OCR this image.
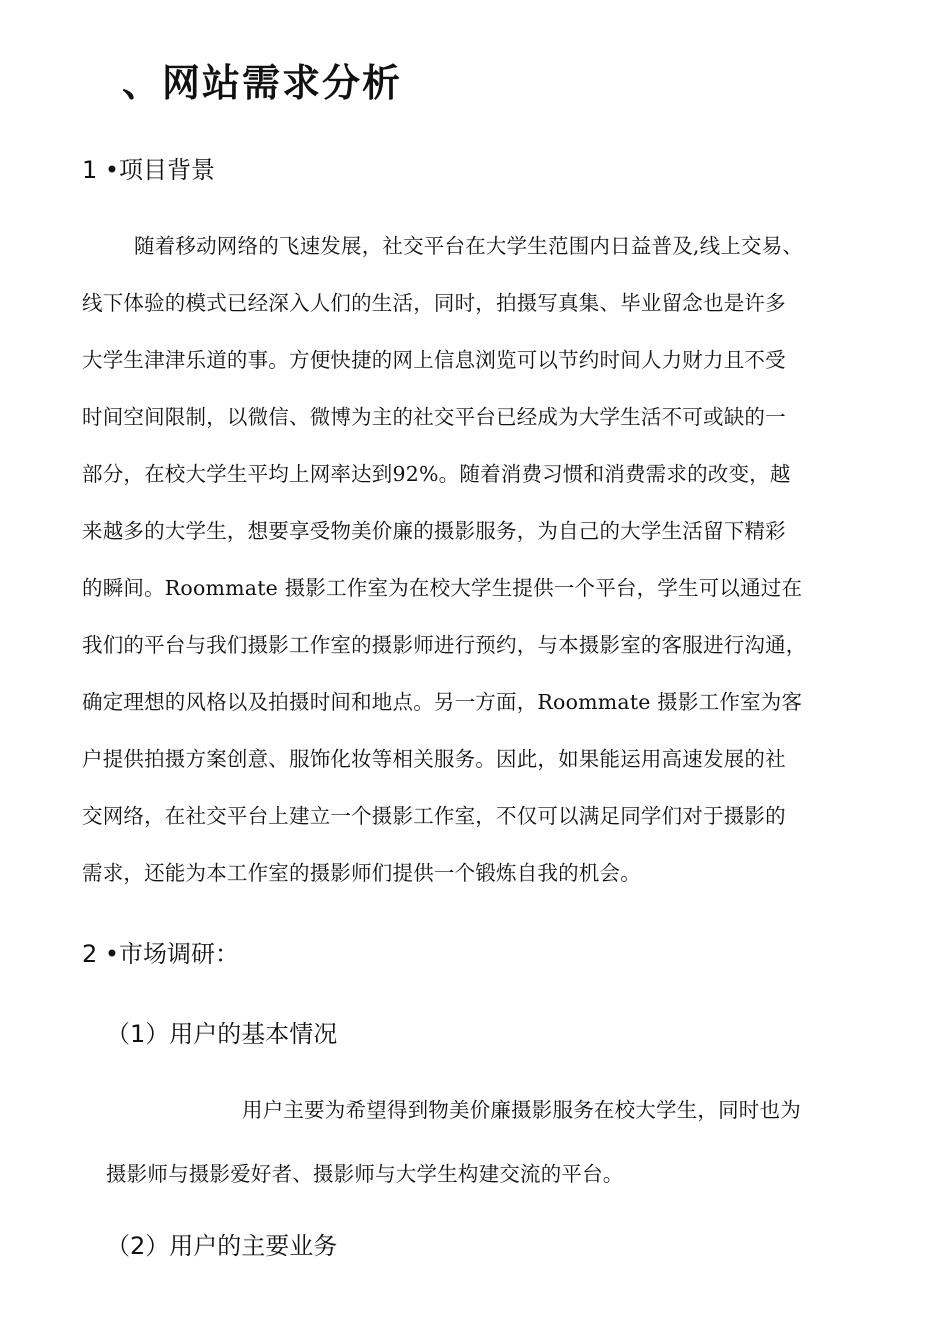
、网站需求分析
1 •项目背景
随着移动网络的飞速发展，社交平台在大学生范围内日益普及,线上交易、
线下体验的模式已经深入人们的生活，同时，拍摄写真集、毕业留念也是许多
大学生津津乐道的事。方便快捷的网上信息浏览可以节约时间人力财力且不受
时间空间限制，以微信、微博为主的社交平台已经成为大学生活不可或缺的一
部分，在校大学生平均上网率达到92%。随着消费习惯和消费需求的改变，越
来越多的大学生，想要享受物美价廉的摄影服务，为自己的大学生活留下精彩
的瞬间。Roommate 摄影工作室为在校大学生提供一个平台，学生可以通过在
我们的平台与我们摄影工作室的摄影师进行预约，与本摄影室的客服进行沟通，
确定理想的风格以及拍摄时间和地点。另一方面，Roommate 摄影工作室为客
户提供拍摄方案创意、服饰化妆等相关服务。因此，如果能运用高速发展的社
交网络，在社交平台上建立一个摄影工作室，不仅可以满足同学们对于摄影的
需求，还能为本工作室的摄影师们提供一个锻炼自我的机会。
2 •市场调研：
（1）用户的基本情况
用户主要为希望得到物美价廉摄影服务在校大学生，同时也为
摄影师与摄影爱好者、摄影师与大学生构建交流的平台。
（2）用户的主要业务
